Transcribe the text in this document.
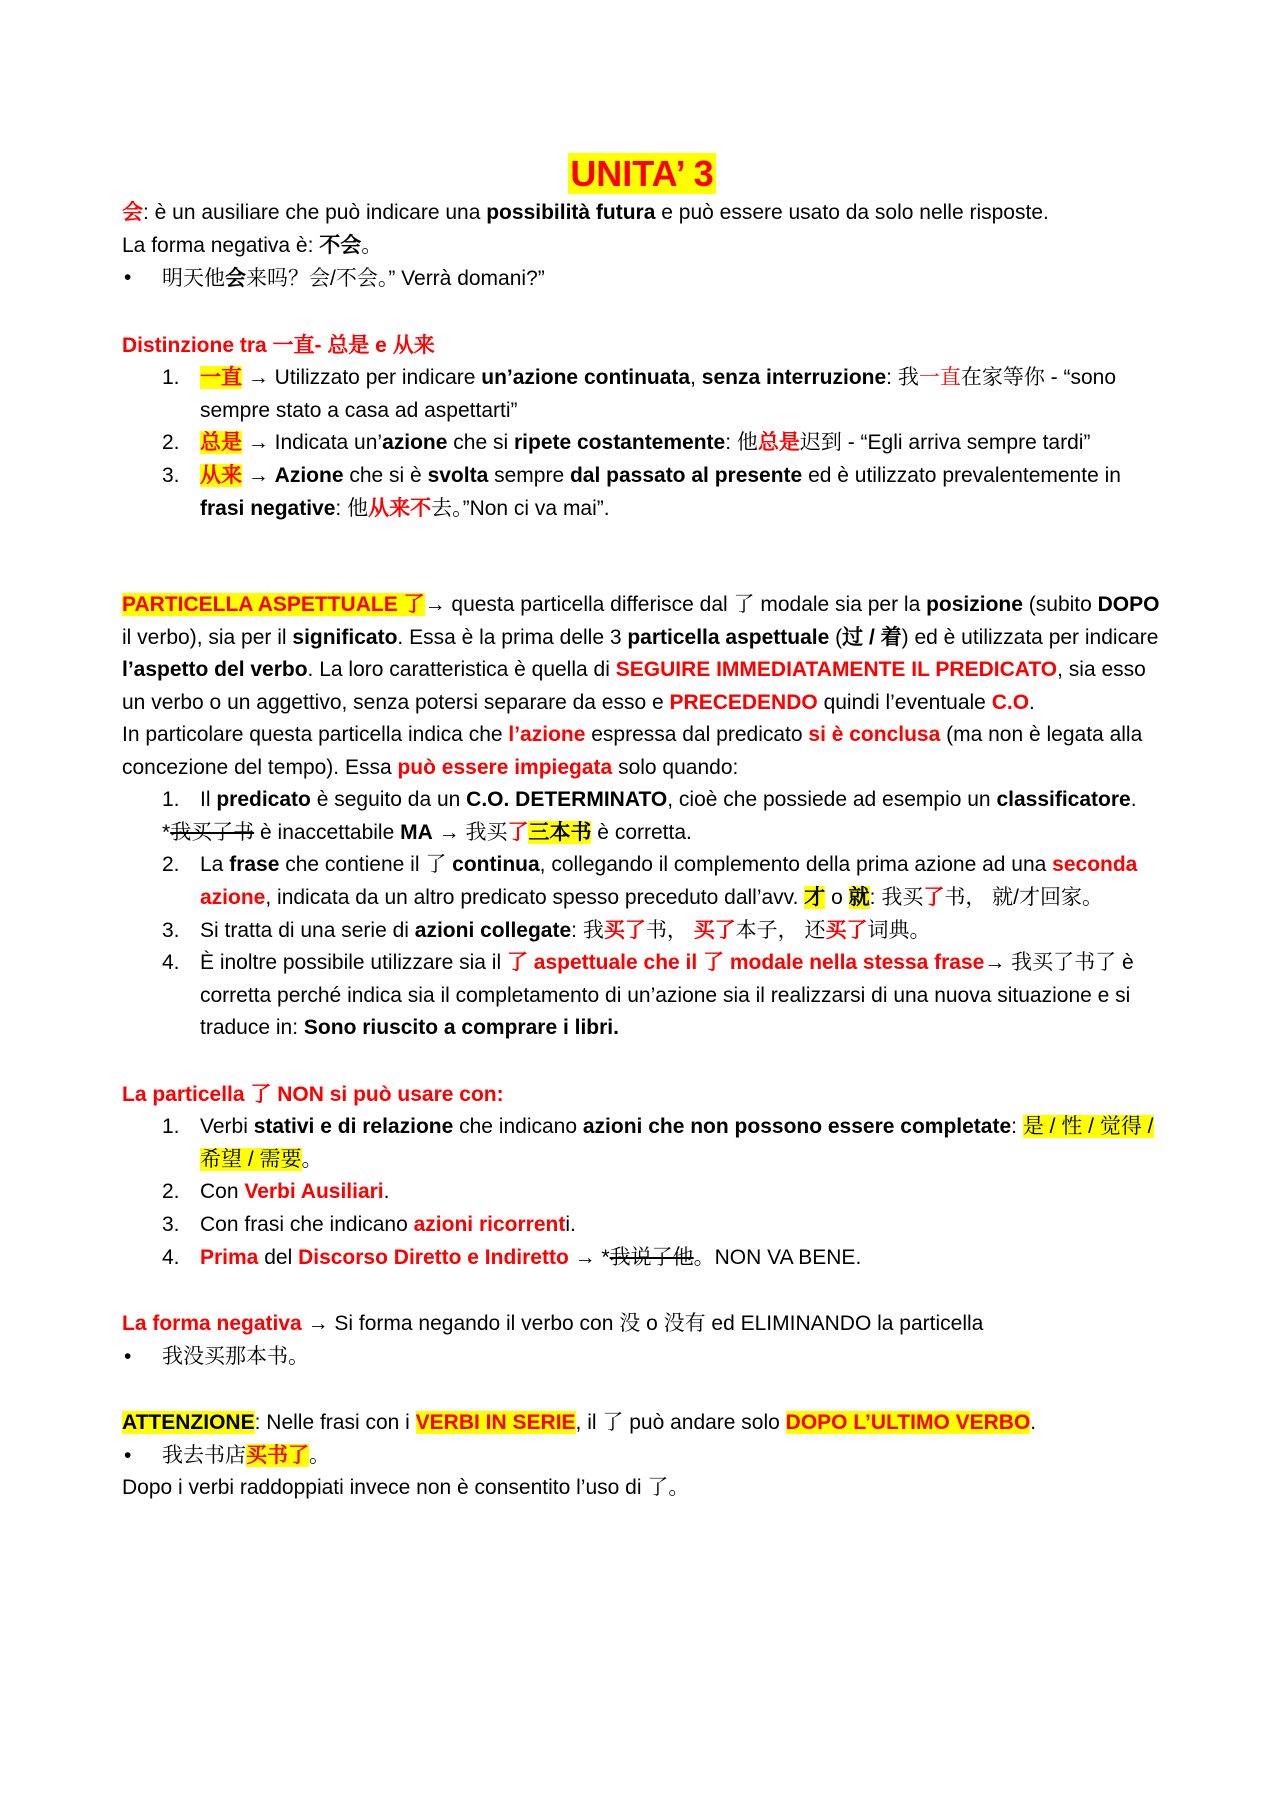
UNITA’ 3

会: è un ausiliare che può indicare una possibilità futura e può essere usato da solo nelle risposte.

La forma negativa è: 不会。

• 明天他会来吗？会/不会。” Verrà domani?”

Distinzione tra 一直- 总是 e 从来

1. 一直 → Utilizzato per indicare un’azione continuata, senza interruzione: 我一直在家等你 - “sono sempre stato a casa ad aspettarti”
2. 总是 → Indicata un’azione che si ripete costantemente: 他总是迟到 - “Egli arriva sempre tardi”
3. 从来 → Azione che si è svolta sempre dal passato al presente ed è utilizzato prevalentemente in frasi negative: 他从来不去。”Non ci va mai”.

PARTICELLA ASPETTUALE 了→ questa particella differisce dal 了 modale sia per la posizione (subito DOPO il verbo), sia per il significato. Essa è la prima delle 3 particella aspettuale (过 / 着) ed è utilizzata per indicare l’aspetto del verbo. La loro caratteristica è quella di SEGUIRE IMMEDIATAMENTE IL PREDICATO, sia esso un verbo o un aggettivo, senza potersi separare da esso e PRECEDENDO quindi l’eventuale C.O.

In particolare questa particella indica che l’azione espressa dal predicato si è conclusa (ma non è legata alla concezione del tempo). Essa può essere impiegata solo quando:

1. Il predicato è seguito da un C.O. DETERMINATO, cioè che possiede ad esempio un classificatore.

*我买了书 è inaccettabile MA → 我买了三本书 è corretta.

2. La frase che contiene il 了 continua, collegando il complemento della prima azione ad una seconda azione, indicata da un altro predicato spesso preceduto dall’avv. 才 o 就: 我买了书， 就/才回家。
3. Si tratta di una serie di azioni collegate: 我买了书， 买了本子， 还买了词典。
4. È inoltre possibile utilizzare sia il 了 aspettuale che il 了 modale nella stessa frase→ 我买了书了 è corretta perché indica sia il completamento di un’azione sia il realizzarsi di una nuova situazione e si traduce in: Sono riuscito a comprare i libri.

La particella 了 NON si può usare con:

1. Verbi stativi e di relazione che indicano azioni che non possono essere completate: 是 / 性 / 觉得 / 希望 / 需要。
2. Con Verbi Ausiliari.
3. Con frasi che indicano azioni ricorrenti.
4. Prima del Discorso Diretto e Indiretto → *我说了他。NON VA BENE.

La forma negativa → Si forma negando il verbo con 没 o 没有 ed ELIMINANDO la particella

• 我没买那本书。

ATTENZIONE: Nelle frasi con i VERBI IN SERIE, il 了 può andare solo DOPO L’ULTIMO VERBO.

• 我去书店买书了。

Dopo i verbi raddoppiati invece non è consentito l’uso di 了。
